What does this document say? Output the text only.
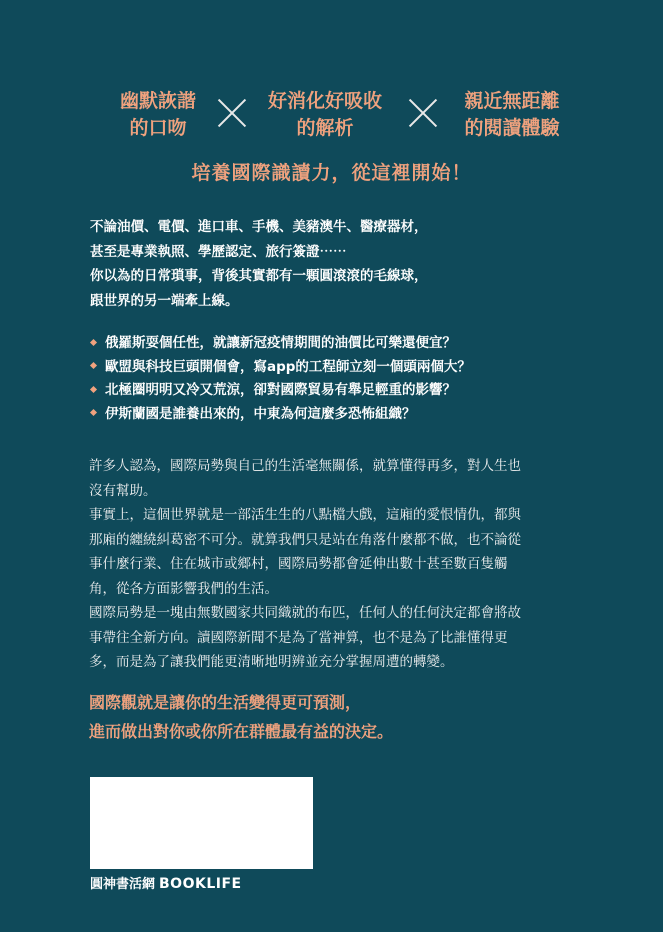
幽默詼諧
的口吻
好消化好吸收
的解析
親近無距離
的閱讀體驗
培養國際識讀力，從這裡開始！
不論油價、電價、進口車、手機、美豬澳牛、醫療器材，
甚至是專業執照、學歷認定、旅行簽證⋯⋯
你以為的日常瑣事，背後其實都有一顆圓滾滾的毛線球，
跟世界的另一端牽上線。
俄羅斯耍個任性，就讓新冠疫情期間的油價比可樂還便宜？
歐盟與科技巨頭開個會，寫app的工程師立刻一個頭兩個大？
北極圈明明又冷又荒涼，卻對國際貿易有舉足輕重的影響？
伊斯蘭國是誰養出來的，中東為何這麼多恐怖組織？
許多人認為，國際局勢與自己的生活毫無關係，就算懂得再多，對人生也
沒有幫助。
事實上，這個世界就是一部活生生的八點檔大戲，這廂的愛恨情仇，都與
那廂的纏繞糾葛密不可分。就算我們只是站在角落什麼都不做，也不論從
事什麼行業、住在城市或鄉村，國際局勢都會延伸出數十甚至數百隻觸
角，從各方面影響我們的生活。
國際局勢是一塊由無數國家共同織就的布匹，任何人的任何決定都會將故
事帶往全新方向。讀國際新聞不是為了當神算，也不是為了比誰懂得更
多，而是為了讓我們能更清晰地明辨並充分掌握周遭的轉變。
國際觀就是讓你的生活變得更可預測，
進而做出對你或你所在群體最有益的決定。
圓神書活網 BOOKLIFE
